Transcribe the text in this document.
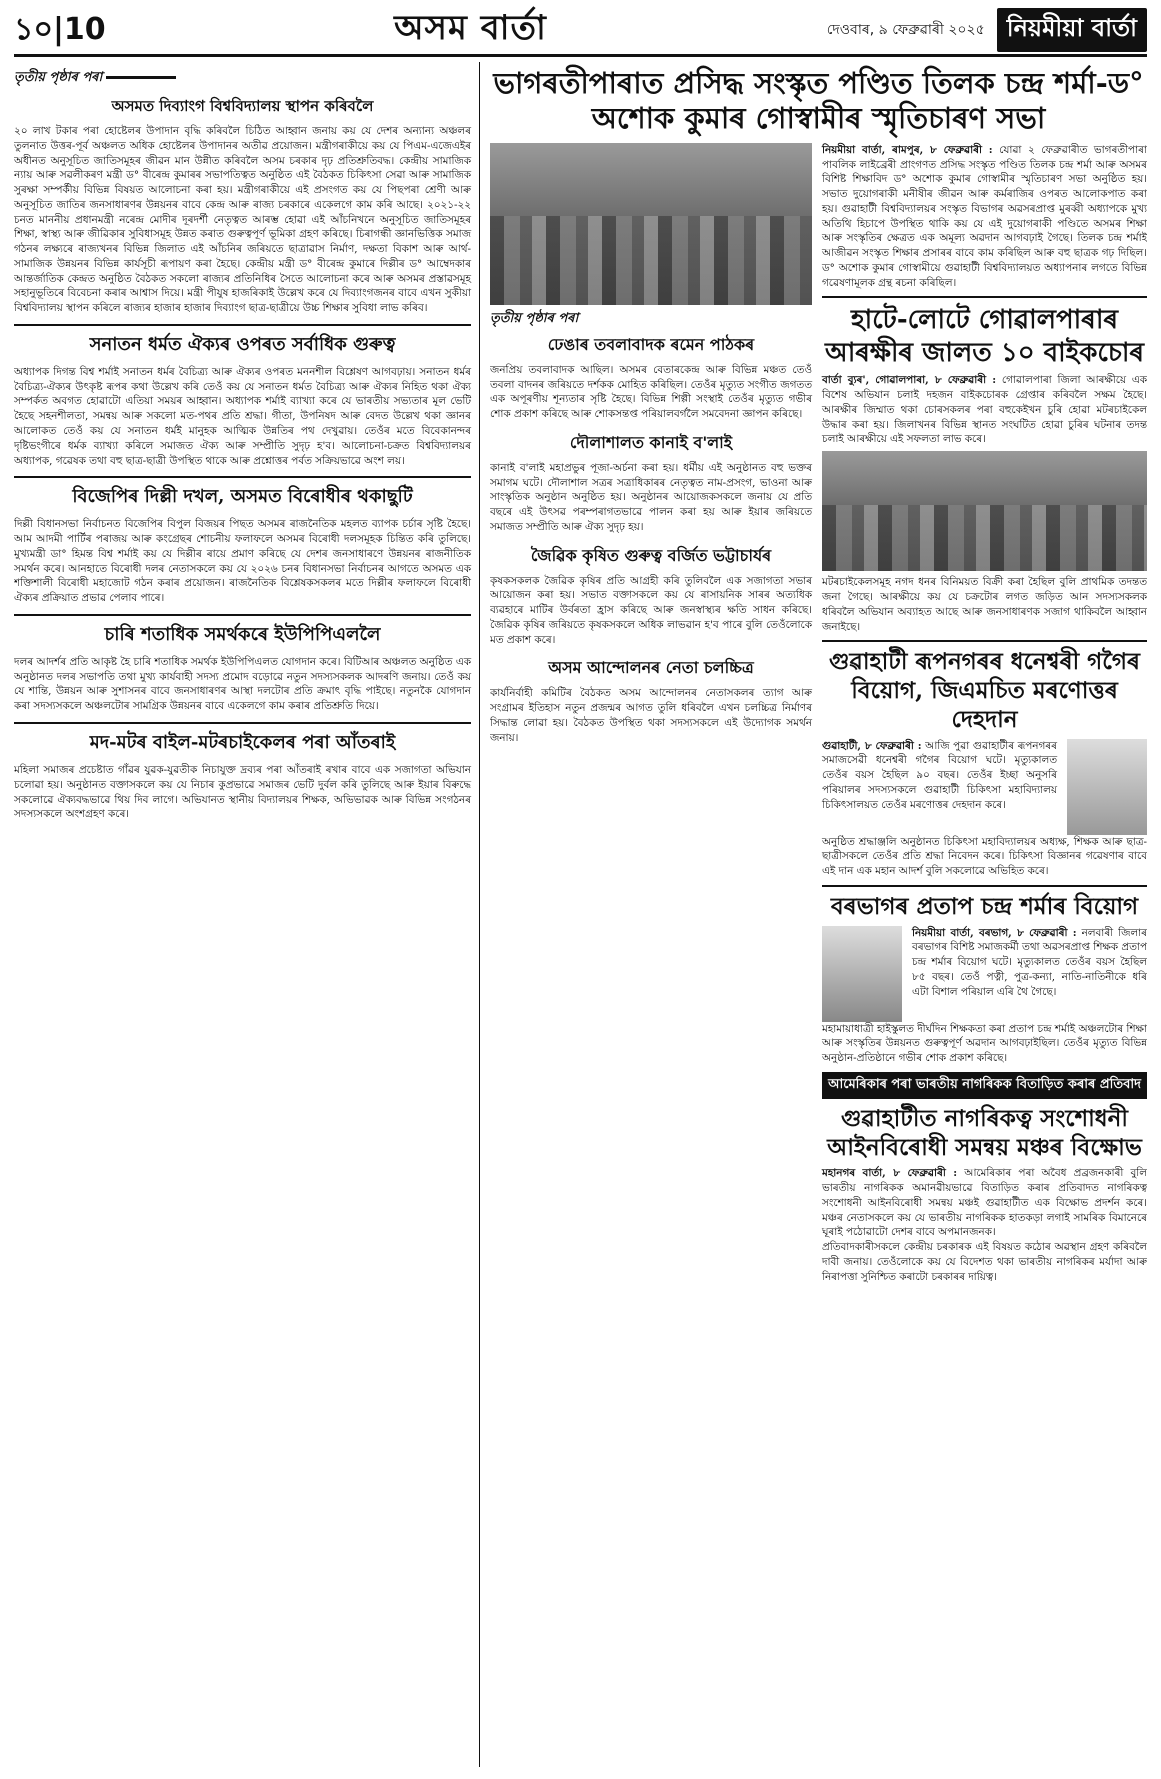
১০|10	অসম বাৰ্তা	দেওবাৰ, ৯ ফেব্ৰুৱাৰী ২০২৫ নিয়মীয়া বাৰ্তা
তৃতীয় পৃষ্ঠাৰ পৰা
অসমত দিব্যাংগ বিশ্ববিদ্যালয় স্থাপন কৰিবলৈ

২০ লাখ টকাৰ পৰা হোষ্টেলৰ উপাদান বৃদ্ধি কৰিবলৈ চিঠিত আহ্বান জনায় কয় যে দেশৰ অন্যান্য অঞ্চলৰ তুলনাত উত্তৰ-পূৰ্ব অঞ্চলত অধিক হোষ্টেলৰ উপাদানৰ অতীৱ প্ৰয়োজন। মন্ত্ৰীগৰাকীয়ে কয় যে পিএম-এজেএইৰ অধীনত অনুসূচিত জাতিসমূহৰ জীৱন মান উন্নীত কৰিবলৈ অসম চৰকাৰ দৃঢ় প্ৰতিশ্ৰুতিবদ্ধ। কেন্দ্ৰীয় সামাজিক ন্যায় আৰু সৱলীকৰণ মন্ত্ৰী ড° বীৰেন্দ্ৰ কুমাৰৰ সভাপতিত্বত অনুষ্ঠিত এই বৈঠকত চিকিৎসা সেৱা আৰু সামাজিক সুৰক্ষা সম্পৰ্কীয় বিভিন্ন বিষয়ত আলোচনা কৰা হয়। মন্ত্ৰীগৰাকীয়ে এই প্ৰসংগত কয় যে পিছপৰা শ্ৰেণী আৰু অনুসূচিত জাতিৰ জনসাধাৰণৰ উন্নয়নৰ বাবে কেন্দ্ৰ আৰু ৰাজ্য চৰকাৰে একেলগে কাম কৰি আছে। ২০২১-২২ চনত মাননীয় প্ৰধানমন্ত্ৰী নৰেন্দ্ৰ মোদীৰ দূৰদৰ্শী নেতৃত্বত আৰম্ভ হোৱা এই আঁচনিখনে অনুসূচিত জাতিসমূহৰ শিক্ষা, স্বাস্থ্য আৰু জীৱিকাৰ সুবিধাসমূহ উন্নত কৰাত গুৰুত্বপূৰ্ণ ভূমিকা গ্ৰহণ কৰিছে। চিৰাগন্ধী জ্ঞানভিত্তিক সমাজ গঠনৰ লক্ষ্যৰে ৰাজ্যখনৰ বিভিন্ন জিলাত এই আঁচনিৰ জৰিয়তে ছাত্ৰাৱাস নিৰ্মাণ, দক্ষতা বিকাশ আৰু আৰ্থ-সামাজিক উন্নয়নৰ বিভিন্ন কাৰ্যসূচী ৰূপায়ণ কৰা হৈছে। কেন্দ্ৰীয় মন্ত্ৰী ড° বীৰেন্দ্ৰ কুমাৰে দিল্লীৰ ড° আম্বেদকাৰ আন্তৰ্জাতিক কেন্দ্ৰত অনুষ্ঠিত বৈঠকত সকলো ৰাজ্যৰ প্ৰতিনিধিৰ সৈতে আলোচনা কৰে আৰু অসমৰ প্ৰস্তাৱসমূহ সহানুভূতিৰে বিবেচনা কৰাৰ আশ্বাস দিয়ে। মন্ত্ৰী পীযুষ হাজৰিকাই উল্লেখ কৰে যে দিব্যাংগজনৰ বাবে এখন সুকীয়া বিশ্ববিদ্যালয় স্থাপন কৰিলে ৰাজ্যৰ হাজাৰ হাজাৰ দিব্যাংগ ছাত্ৰ-ছাত্ৰীয়ে উচ্চ শিক্ষাৰ সুবিধা লাভ কৰিব।

সনাতন ধৰ্মত ঐক্যৰ ওপৰত সৰ্বাধিক গুৰুত্ব

অধ্যাপক দিগন্ত বিশ্ব শৰ্মাই সনাতন ধৰ্মৰ বৈচিত্ৰ্য আৰু ঐক্যৰ ওপৰত মননশীল বিশ্লেষণ আগবঢ়ায়। সনাতন ধৰ্মৰ বৈচিত্ৰ্য-ঐক্যৰ উৎকৃষ্ট ৰূপৰ কথা উল্লেখ কৰি তেওঁ কয় যে সনাতন ধৰ্মত বৈচিত্ৰ্য আৰু ঐক্যৰ নিহিত থকা ঐক্য সম্পৰ্কত অবগত হোৱাটো এতিয়া সময়ৰ আহ্বান। অধ্যাপক শৰ্মাই ব্যাখ্যা কৰে যে ভাৰতীয় সভ্যতাৰ মূল ভেটি হৈছে সহনশীলতা, সমন্বয় আৰু সকলো মত-পথৰ প্ৰতি শ্ৰদ্ধা। গীতা, উপনিষদ আৰু বেদত উল্লেখ থকা জ্ঞানৰ আলোকত তেওঁ কয় যে সনাতন ধৰ্মই মানুহক আত্মিক উন্নতিৰ পথ দেখুৱায়। তেওঁৰ মতে বিবেকানন্দৰ দৃষ্টিভংগীৰে ধৰ্মক ব্যাখ্যা কৰিলে সমাজত ঐক্য আৰু সম্প্ৰীতি সুদৃঢ় হ'ব। আলোচনা-চক্ৰত বিশ্ববিদ্যালয়ৰ অধ্যাপক, গৱেষক তথা বহু ছাত্ৰ-ছাত্ৰী উপস্থিত থাকে আৰু প্ৰশ্নোত্তৰ পৰ্বত সক্ৰিয়ভাৱে অংশ লয়।

বিজেপিৰ দিল্লী দখল, অসমত বিৰোধীৰ থকাছুটি

দিল্লী বিধানসভা নিৰ্বাচনত বিজেপিৰ বিপুল বিজয়ৰ পিছত অসমৰ ৰাজনৈতিক মহলত ব্যাপক চৰ্চাৰ সৃষ্টি হৈছে। আম আদমী পাৰ্টিৰ পৰাজয় আৰু কংগ্ৰেছৰ শোচনীয় ফলাফলে অসমৰ বিৰোধী দলসমূহক চিন্তিত কৰি তুলিছে। মুখ্যমন্ত্ৰী ডা° হিমন্ত বিশ্ব শৰ্মাই কয় যে দিল্লীৰ ৰায়ে প্ৰমাণ কৰিছে যে দেশৰ জনসাধাৰণে উন্নয়নৰ ৰাজনীতিক সমৰ্থন কৰে। আনহাতে বিৰোধী দলৰ নেতাসকলে কয় যে ২০২৬ চনৰ বিধানসভা নিৰ্বাচনৰ আগতে অসমত এক শক্তিশালী বিৰোধী মহাজোট গঠন কৰাৰ প্ৰয়োজন। ৰাজনৈতিক বিশ্লেষকসকলৰ মতে দিল্লীৰ ফলাফলে বিৰোধী ঐক্যৰ প্ৰক্ৰিয়াত প্ৰভাৱ পেলাব পাৰে।

চাৰি শতাধিক সমৰ্থকৰে ইউপিপিএললৈ

দলৰ আদৰ্শৰ প্ৰতি আকৃষ্ট হৈ চাৰি শতাধিক সমৰ্থক ইউপিপিএলত যোগদান কৰে। বিটিআৰ অঞ্চলত অনুষ্ঠিত এক অনুষ্ঠানত দলৰ সভাপতি তথা মুখ্য কাৰ্যবাহী সদস্য প্ৰমোদ বড়োৱে নতুন সদস্যসকলক আদৰণি জনায়। তেওঁ কয় যে শান্তি, উন্নয়ন আৰু সুশাসনৰ বাবে জনসাধাৰণৰ আস্থা দলটোৰ প্ৰতি ক্ৰমাৎ বৃদ্ধি পাইছে। নতুনকৈ যোগদান কৰা সদস্যসকলে অঞ্চলটোৰ সামগ্ৰিক উন্নয়নৰ বাবে একেলগে কাম কৰাৰ প্ৰতিশ্ৰুতি দিয়ে।

মদ-মটৰ বাইল-মটৰচাইকেলৰ পৰা আঁতৰাই

মহিলা সমাজৰ প্ৰচেষ্টাত গাঁৱৰ যুৱক-যুৱতীক নিচাযুক্ত দ্ৰব্যৰ পৰা আঁতৰাই ৰখাৰ বাবে এক সজাগতা অভিযান চলোৱা হয়। অনুষ্ঠানত বক্তাসকলে কয় যে নিচাৰ কুপ্ৰভাৱে সমাজৰ ভেটি দুৰ্বল কৰি তুলিছে আৰু ইয়াৰ বিৰুদ্ধে সকলোৱে ঐক্যবদ্ধভাৱে থিয় দিব লাগে। অভিযানত স্থানীয় বিদ্যালয়ৰ শিক্ষক, অভিভাৱক আৰু বিভিন্ন সংগঠনৰ সদস্যসকলে অংশগ্ৰহণ কৰে।

ভাগৰতীপাৰাত প্ৰসিদ্ধ সংস্কৃত পণ্ডিত তিলক চন্দ্ৰ শৰ্মা-ড° অশোক কুমাৰ গোস্বামীৰ স্মৃতিচাৰণ সভা
তৃতীয় পৃষ্ঠাৰ পৰা
ঢেঙাৰ তবলাবাদক ৰমেন পাঠকৰ

জনপ্ৰিয় তবলাবাদক আছিল। অসমৰ বেতাৰকেন্দ্ৰ আৰু বিভিন্ন মঞ্চত তেওঁ তবলা বাদনৰ জৰিয়তে দৰ্শকক মোহিত কৰিছিল। তেওঁৰ মৃত্যুত সংগীত জগতত এক অপূৰণীয় শূন্যতাৰ সৃষ্টি হৈছে। বিভিন্ন শিল্পী সংস্থাই তেওঁৰ মৃত্যুত গভীৰ শোক প্ৰকাশ কৰিছে আৰু শোকসন্তপ্ত পৰিয়ালবৰ্গলৈ সমবেদনা জ্ঞাপন কৰিছে।

দৌলাশালত কানাই ব'লাই

কানাই ব'লাই মহাপ্ৰভুৰ পূজা-অৰ্চনা কৰা হয়। ধৰ্মীয় এই অনুষ্ঠানত বহু ভক্তৰ সমাগম ঘটে। দৌলাশাল সত্ৰৰ সত্ৰাধিকাৰৰ নেতৃত্বত নাম-প্ৰসংগ, ভাওনা আৰু সাংস্কৃতিক অনুষ্ঠান অনুষ্ঠিত হয়। অনুষ্ঠানৰ আয়োজকসকলে জনায় যে প্ৰতি বছৰে এই উৎসৱ পৰম্পৰাগতভাৱে পালন কৰা হয় আৰু ইয়াৰ জৰিয়তে সমাজত সম্প্ৰীতি আৰু ঐক্য সুদৃঢ় হয়।

জৈৱিক কৃষিত গুৰুত্ব বৰ্জিত ভট্টাচাৰ্যৰ

কৃষকসকলক জৈৱিক কৃষিৰ প্ৰতি আগ্ৰহী কৰি তুলিবলৈ এক সজাগতা সভাৰ আয়োজন কৰা হয়। সভাত বক্তাসকলে কয় যে ৰাসায়নিক সাৰৰ অত্যধিক ব্যৱহাৰে মাটিৰ উৰ্বৰতা হ্ৰাস কৰিছে আৰু জনস্বাস্থ্যৰ ক্ষতি সাধন কৰিছে। জৈৱিক কৃষিৰ জৰিয়তে কৃষকসকলে অধিক লাভৱান হ'ব পাৰে বুলি তেওঁলোকে মত প্ৰকাশ কৰে।

অসম আন্দোলনৰ নেতা চলচ্চিত্ৰ

কাৰ্যনিৰ্বাহী কমিটিৰ বৈঠকত অসম আন্দোলনৰ নেতাসকলৰ ত্যাগ আৰু সংগ্ৰামৰ ইতিহাস নতুন প্ৰজন্মৰ আগত তুলি ধৰিবলৈ এখন চলচ্চিত্ৰ নিৰ্মাণৰ সিদ্ধান্ত লোৱা হয়। বৈঠকত উপস্থিত থকা সদস্যসকলে এই উদ্যোগক সমৰ্থন জনায়।

নিয়মীয়া বাৰ্তা, ৰামপুৰ, ৮ ফেব্ৰুৱাৰী : যোৱা ২ ফেব্ৰুৱাৰীত ভাগৰতীপাৰা পাবলিক লাইব্ৰেৰী প্ৰাংগণত প্ৰসিদ্ধ সংস্কৃত পণ্ডিত তিলক চন্দ্ৰ শৰ্মা আৰু অসমৰ বিশিষ্ট শিক্ষাবিদ ড° অশোক কুমাৰ গোস্বামীৰ স্মৃতিচাৰণ সভা অনুষ্ঠিত হয়। সভাত দুয়োগৰাকী মনীষীৰ জীৱন আৰু কৰ্মৰাজিৰ ওপৰত আলোকপাত কৰা হয়। গুৱাহাটী বিশ্ববিদ্যালয়ৰ সংস্কৃত বিভাগৰ অৱসৰপ্ৰাপ্ত মুৰব্বী অধ্যাপকে মুখ্য অতিথি হিচাপে উপস্থিত থাকি কয় যে এই দুয়োগৰাকী পণ্ডিতে অসমৰ শিক্ষা আৰু সংস্কৃতিৰ ক্ষেত্ৰত এক অমূল্য অৱদান আগবঢ়াই গৈছে। তিলক চন্দ্ৰ শৰ্মাই আজীৱন সংস্কৃত শিক্ষাৰ প্ৰসাৰৰ বাবে কাম কৰিছিল আৰু বহু ছাত্ৰক গঢ় দিছিল। ড° অশোক কুমাৰ গোস্বামীয়ে গুৱাহাটী বিশ্ববিদ্যালয়ত অধ্যাপনাৰ লগতে বিভিন্ন গৱেষণামূলক গ্ৰন্থ ৰচনা কৰিছিল।

হাটে-লোটে গোৱালপাৰাৰ আৰক্ষীৰ জালত ১০ বাইকচোৰ

বাৰ্তা ব্যুৰ', গোৱালপাৰা, ৮ ফেব্ৰুৱাৰী : গোৱালপাৰা জিলা আৰক্ষীয়ে এক বিশেষ অভিযান চলাই দহজন বাইকচোৰক গ্ৰেপ্তাৰ কৰিবলৈ সক্ষম হৈছে। আৰক্ষীৰ জিম্মাত থকা চোৰসকলৰ পৰা বহুকেইখন চুৰি হোৱা মটৰচাইকেল উদ্ধাৰ কৰা হয়। জিলাখনৰ বিভিন্ন স্থানত সংঘটিত হোৱা চুৰিৰ ঘটনাৰ তদন্ত চলাই আৰক্ষীয়ে এই সফলতা লাভ কৰে।

মটৰচাইকেলসমূহ নগদ ধনৰ বিনিময়ত বিক্ৰী কৰা হৈছিল বুলি প্ৰাথমিক তদন্তত জনা গৈছে। আৰক্ষীয়ে কয় যে চক্ৰটোৰ লগত জড়িত আন সদস্যসকলক ধৰিবলৈ অভিযান অব্যাহত আছে আৰু জনসাধাৰণক সজাগ থাকিবলৈ আহ্বান জনাইছে।

গুৱাহাটী ৰূপনগৰৰ ধনেশ্বৰী গগৈৰ বিয়োগ, জিএমচিত মৰণোত্তৰ দেহদান

গুৱাহাটী, ৮ ফেব্ৰুৱাৰী : আজি পুৱা গুৱাহাটীৰ ৰূপনগৰৰ সমাজসেৱী ধনেশ্বৰী গগৈৰ বিয়োগ ঘটে। মৃত্যুকালত তেওঁৰ বয়স হৈছিল ৯০ বছৰ। তেওঁৰ ইচ্ছা অনুসৰি পৰিয়ালৰ সদস্যসকলে গুৱাহাটী চিকিৎসা মহাবিদ্যালয় চিকিৎসালয়ত তেওঁৰ মৰণোত্তৰ দেহদান কৰে।

অনুষ্ঠিত শ্ৰদ্ধাঞ্জলি অনুষ্ঠানত চিকিৎসা মহাবিদ্যালয়ৰ অধ্যক্ষ, শিক্ষক আৰু ছাত্ৰ-ছাত্ৰীসকলে তেওঁৰ প্ৰতি শ্ৰদ্ধা নিবেদন কৰে। চিকিৎসা বিজ্ঞানৰ গৱেষণাৰ বাবে এই দান এক মহান আদৰ্শ বুলি সকলোৱে অভিহিত কৰে।

বৰভাগৰ প্ৰতাপ চন্দ্ৰ শৰ্মাৰ বিয়োগ

নিয়মীয়া বাৰ্তা, বৰভাগ, ৮ ফেব্ৰুৱাৰী : নলবাৰী জিলাৰ বৰভাগৰ বিশিষ্ট সমাজকৰ্মী তথা অৱসৰপ্ৰাপ্ত শিক্ষক প্ৰতাপ চন্দ্ৰ শৰ্মাৰ বিয়োগ ঘটে। মৃত্যুকালত তেওঁৰ বয়স হৈছিল ৮৫ বছৰ। তেওঁ পত্নী, পুত্ৰ-কন্যা, নাতি-নাতিনীকে ধৰি এটা বিশাল পৰিয়াল এৰি থৈ গৈছে।

মহামায়াধাত্ৰী হাইস্কুলত দীৰ্ঘদিন শিক্ষকতা কৰা প্ৰতাপ চন্দ্ৰ শৰ্মাই অঞ্চলটোৰ শিক্ষা আৰু সংস্কৃতিৰ উন্নয়নত গুৰুত্বপূৰ্ণ অৱদান আগবঢ়াইছিল। তেওঁৰ মৃত্যুত বিভিন্ন অনুষ্ঠান-প্ৰতিষ্ঠানে গভীৰ শোক প্ৰকাশ কৰিছে।

আমেৰিকাৰ পৰা ভাৰতীয় নাগৰিকক বিতাড়িত কৰাৰ প্ৰতিবাদ
গুৱাহাটীত নাগৰিকত্ব সংশোধনী আইনবিৰোধী সমন্বয় মঞ্চৰ বিক্ষোভ

মহানগৰ বাৰ্তা, ৮ ফেব্ৰুৱাৰী : আমেৰিকাৰ পৰা অবৈধ প্ৰব্ৰজনকাৰী বুলি ভাৰতীয় নাগৰিকক অমানৱীয়ভাৱে বিতাড়িত কৰাৰ প্ৰতিবাদত নাগৰিকত্ব সংশোধনী আইনবিৰোধী সমন্বয় মঞ্চই গুৱাহাটীত এক বিক্ষোভ প্ৰদৰ্শন কৰে। মঞ্চৰ নেতাসকলে কয় যে ভাৰতীয় নাগৰিকক হাতকড়া লগাই সামৰিক বিমানেৰে ঘূৰাই পঠোৱাটো দেশৰ বাবে অপমানজনক।

প্ৰতিবাদকাৰীসকলে কেন্দ্ৰীয় চৰকাৰক এই বিষয়ত কঠোৰ অৱস্থান গ্ৰহণ কৰিবলৈ দাবী জনায়। তেওঁলোকে কয় যে বিদেশত থকা ভাৰতীয় নাগৰিকৰ মৰ্যাদা আৰু নিৰাপত্তা সুনিশ্চিত কৰাটো চৰকাৰৰ দায়িত্ব।
